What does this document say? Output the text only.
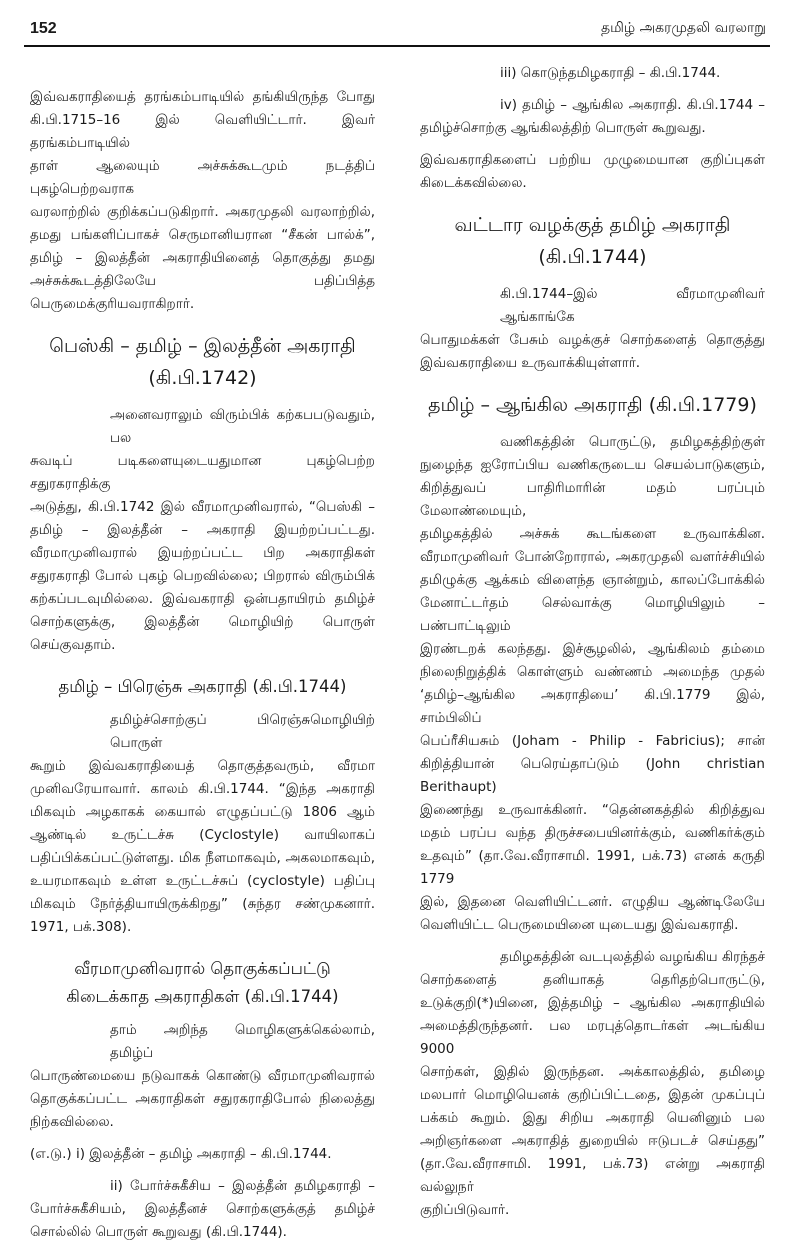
152	தமிழ் அகரமுதலி வரலாறு
இவ்வகராதியைத் தரங்கம்பாடியில் தங்கியிருந்த போது
கி.பி.1715–16 இல் வெளியிட்டார். இவர் தரங்கம்பாடியில்
தாள் ஆலையும் அச்சுக்கூடமும் நடத்திப் புகழ்பெற்றவராக
வரலாற்றில் குறிக்கப்படுகிறார். அகரமுதலி வரலாற்றில்,
தமது பங்களிப்பாகச் செருமானியரான “சீகன் பால்க்”,
தமிழ் – இலத்தீன் அகராதியினைத் தொகுத்து தமது
அச்சுக்கூடத்திலேயே பதிப்பித்த பெருமைக்குரியவராகிறார்.
பெஸ்கி – தமிழ் – இலத்தீன் அகராதி
(கி.பி.1742)
அனைவராலும் விரும்பிக் கற்கபபடுவதும், பல
சுவடிப் படிகளையுடையதுமான புகழ்பெற்ற சதுரகராதிக்கு
அடுத்து, கி.பி.1742 இல் வீரமாமுனிவரால், “பெஸ்கி –
தமிழ் – இலத்தீன் – அகராதி இயற்றப்பட்டது.
வீரமாமுனிவரால் இயற்றப்பட்ட பிற அகராதிகள்
சதுரகராதி போல் புகழ் பெறவில்லை; பிறரால் விரும்பிக்
கற்கப்படவுமில்லை. இவ்வகராதி ஒன்பதாயிரம் தமிழ்ச்
சொற்களுக்கு, இலத்தீன் மொழியிற் பொருள் செய்குவதாம்.
தமிழ் – பிரெஞ்சு அகராதி (கி.பி.1744)
தமிழ்ச்சொற்குப் பிரெஞ்சுமொழியிற் பொருள்
கூறும் இவ்வகராதியைத் தொகுத்தவரும், வீரமா
முனிவரேயாவார். காலம் கி.பி.1744. “இந்த அகராதி
மிகவும் அழகாகக் கையால் எழுதப்பட்டு 1806 ஆம்
ஆண்டில் உருட்டச்சு (Cyclostyle) வாயிலாகப்
பதிப்பிக்கப்பட்டுள்ளது. மிக நீளமாகவும், அகலமாகவும்,
உயரமாகவும் உள்ள உருட்டச்சுப் (cyclostyle) பதிப்பு
மிகவும் நேர்த்தியாயிருக்கிறது” (சுந்தர சண்முகனார்.
1971, பக்.308).
வீரமாமுனிவரால் தொகுக்கப்பட்டு
கிடைக்காத அகராதிகள் (கி.பி.1744)
தாம் அறிந்த மொழிகளுக்கெல்லாம், தமிழ்ப்
பொருண்மையை நடுவாகக் கொண்டு வீரமாமுனிவரால்
தொகுக்கப்பட்ட அகராதிகள் சதுரகராதிபோல் நிலைத்து
நிற்கவில்லை.
(எ.டு.) i) இலத்தீன் – தமிழ் அகராதி – கி.பி.1744.
ii) போர்ச்சுகீசிய – இலத்தீன் தமிழகராதி –
போர்ச்சுகீசியம், இலத்தீனச் சொற்களுக்குத் தமிழ்ச்
சொல்லில் பொருள் கூறுவது (கி.பி.1744).
iii) கொடுந்தமிழகராதி – கி.பி.1744.
iv) தமிழ் – ஆங்கில அகராதி. கி.பி.1744 –
தமிழ்ச்சொற்கு ஆங்கிலத்திற் பொருள் கூறுவது.
இவ்வகராதிகளைப் பற்றிய முழுமையான குறிப்புகள்
கிடைக்கவில்லை.
வட்டார வழக்குத் தமிழ் அகராதி
(கி.பி.1744)
கி.பி.1744–இல் வீரமாமுனிவர் ஆங்காங்கே
பொதுமக்கள் பேசும் வழக்குச் சொற்களைத் தொகுத்து
இவ்வகராதியை உருவாக்கியுள்ளார்.
தமிழ் – ஆங்கில அகராதி (கி.பி.1779)
வணிகத்தின் பொருட்டு, தமிழகத்திற்குள்
நுழைந்த ஐரோப்பிய வணிகருடைய செயல்பாடுகளும்,
கிறித்துவப் பாதிரிமாரின் மதம் பரப்பும் மேலாண்மையும்,
தமிழகத்தில் அச்சுக் கூடங்களை உருவாக்கின.
வீரமாமுனிவர் போன்றோரால், அகரமுதலி வளர்ச்சியில்
தமிழுக்கு ஆக்கம் விளைந்த ஞான்றும், காலப்போக்கில்
மேனாட்டர்தம் செல்வாக்கு மொழியிலும் – பண்பாட்டிலும்
இரண்டறக் கலந்தது. இச்சூழலில், ஆங்கிலம் தம்மை
நிலைநிறுத்திக் கொள்ளும் வண்ணம் அமைந்த முதல்
‘தமிழ்–ஆங்கில அகராதியை’ கி.பி.1779 இல், சாம்பிலிப்
பெப்ரீசியசும் (Joham - Philip - Fabricius); சான்
கிறித்தியான் பெரெய்தாப்டும் (John christian Berithaupt)
இணைந்து உருவாக்கினர். “தென்னகத்தில் கிறித்துவ
மதம் பரப்ப வந்த திருச்சபையினர்க்கும், வணிகர்க்கும்
உதவும்” (தா.வே.வீராசாமி. 1991, பக்.73) எனக் கருதி 1779
இல், இதனை வெளியிட்டனர். எழுதிய ஆண்டிலேயே
வெளியிட்ட பெருமையினை யுடையது இவ்வகராதி.
தமிழகத்தின் வடபுலத்தில் வழங்கிய கிரந்தச்
சொற்களைத் தனியாகத் தெரிதற்பொருட்டு,
உடுக்குறி(*)யினை, இத்தமிழ் – ஆங்கில அகராதியில்
அமைத்திருந்தனர். பல மரபுத்தொடர்கள் அடங்கிய 9000
சொற்கள், இதில் இருந்தன. அக்காலத்தில், தமிழை
மலபார் மொழியெனக் குறிப்பிட்டதை, இதன் முகப்புப்
பக்கம் கூறும். இது சிறிய அகராதி யெனினும் பல
அறிஞர்களை அகராதித் துறையில் ஈடுபடச் செய்தது”
(தா.வே.வீராசாமி. 1991, பக்.73) என்று அகராதி வல்லுநர்
குறிப்பிடுவார்.
